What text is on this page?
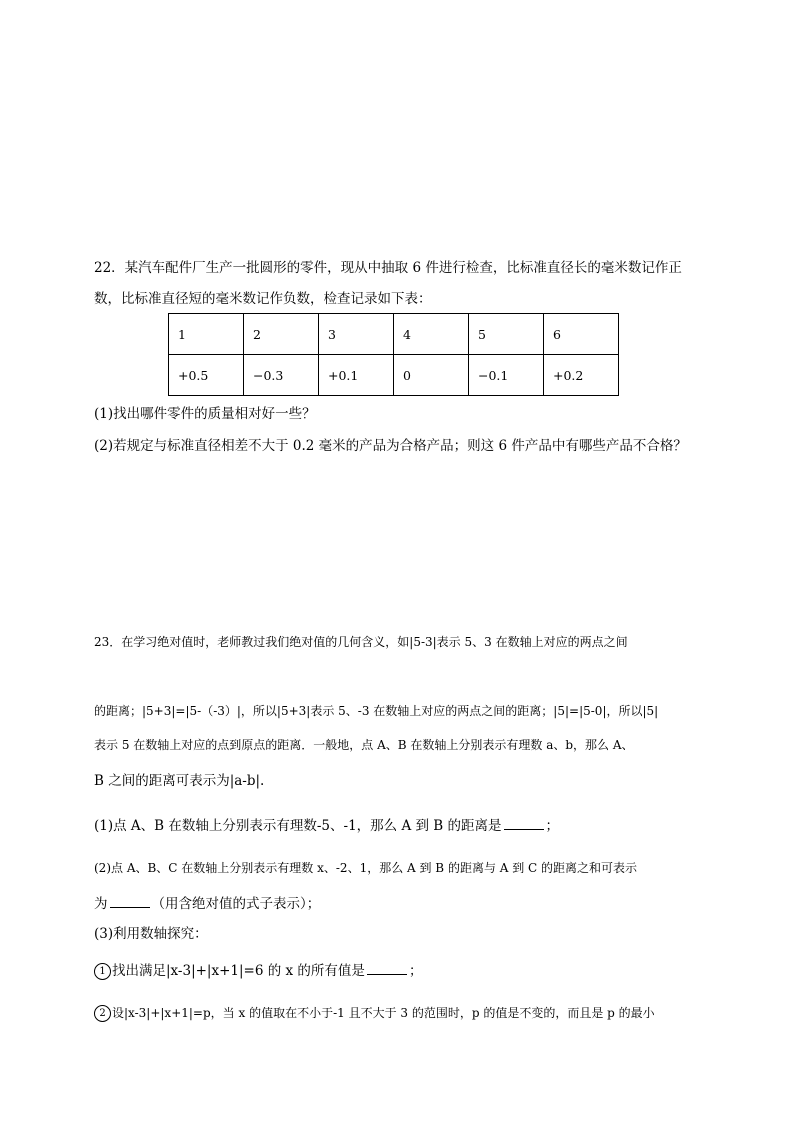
22．某汽车配件厂生产一批圆形的零件，现从中抽取 6 件进行检查，比标准直径长的毫米数记作正
数，比标准直径短的毫米数记作负数，检查记录如下表：
1	2	3	4	5	6
+0.5	−0.3	+0.1	0	−0.1	+0.2
(1)找出哪件零件的质量相对好一些？
(2)若规定与标准直径相差不大于 0.2 毫米的产品为合格产品；则这 6 件产品中有哪些产品不合格？
23．在学习绝对值时，老师教过我们绝对值的几何含义，如|5-3|表示 5、3 在数轴上对应的两点之间
的距离；|5+3|=|5-（-3）|，所以|5+3|表示 5、-3 在数轴上对应的两点之间的距离；|5|=|5-0|，所以|5|
表示 5 在数轴上对应的点到原点的距离．一般地，点 A、B 在数轴上分别表示有理数 a、b，那么 A、
B 之间的距离可表示为|a-b|.
(1)点 A、B 在数轴上分别表示有理数-5、-1，那么 A 到 B 的距离是	；
(2)点 A、B、C 在数轴上分别表示有理数 x、-2、1，那么 A 到 B 的距离与 A 到 C 的距离之和可表示
为	（用含绝对值的式子表示）；
(3)利用数轴探究：
1 找出满足|x-3|+|x+1|=6 的 x 的所有值是	；
2 设|x-3|+|x+1|=p，当 x 的值取在不小于-1 且不大于 3 的范围时，p 的值是不变的，而且是 p 的最小
